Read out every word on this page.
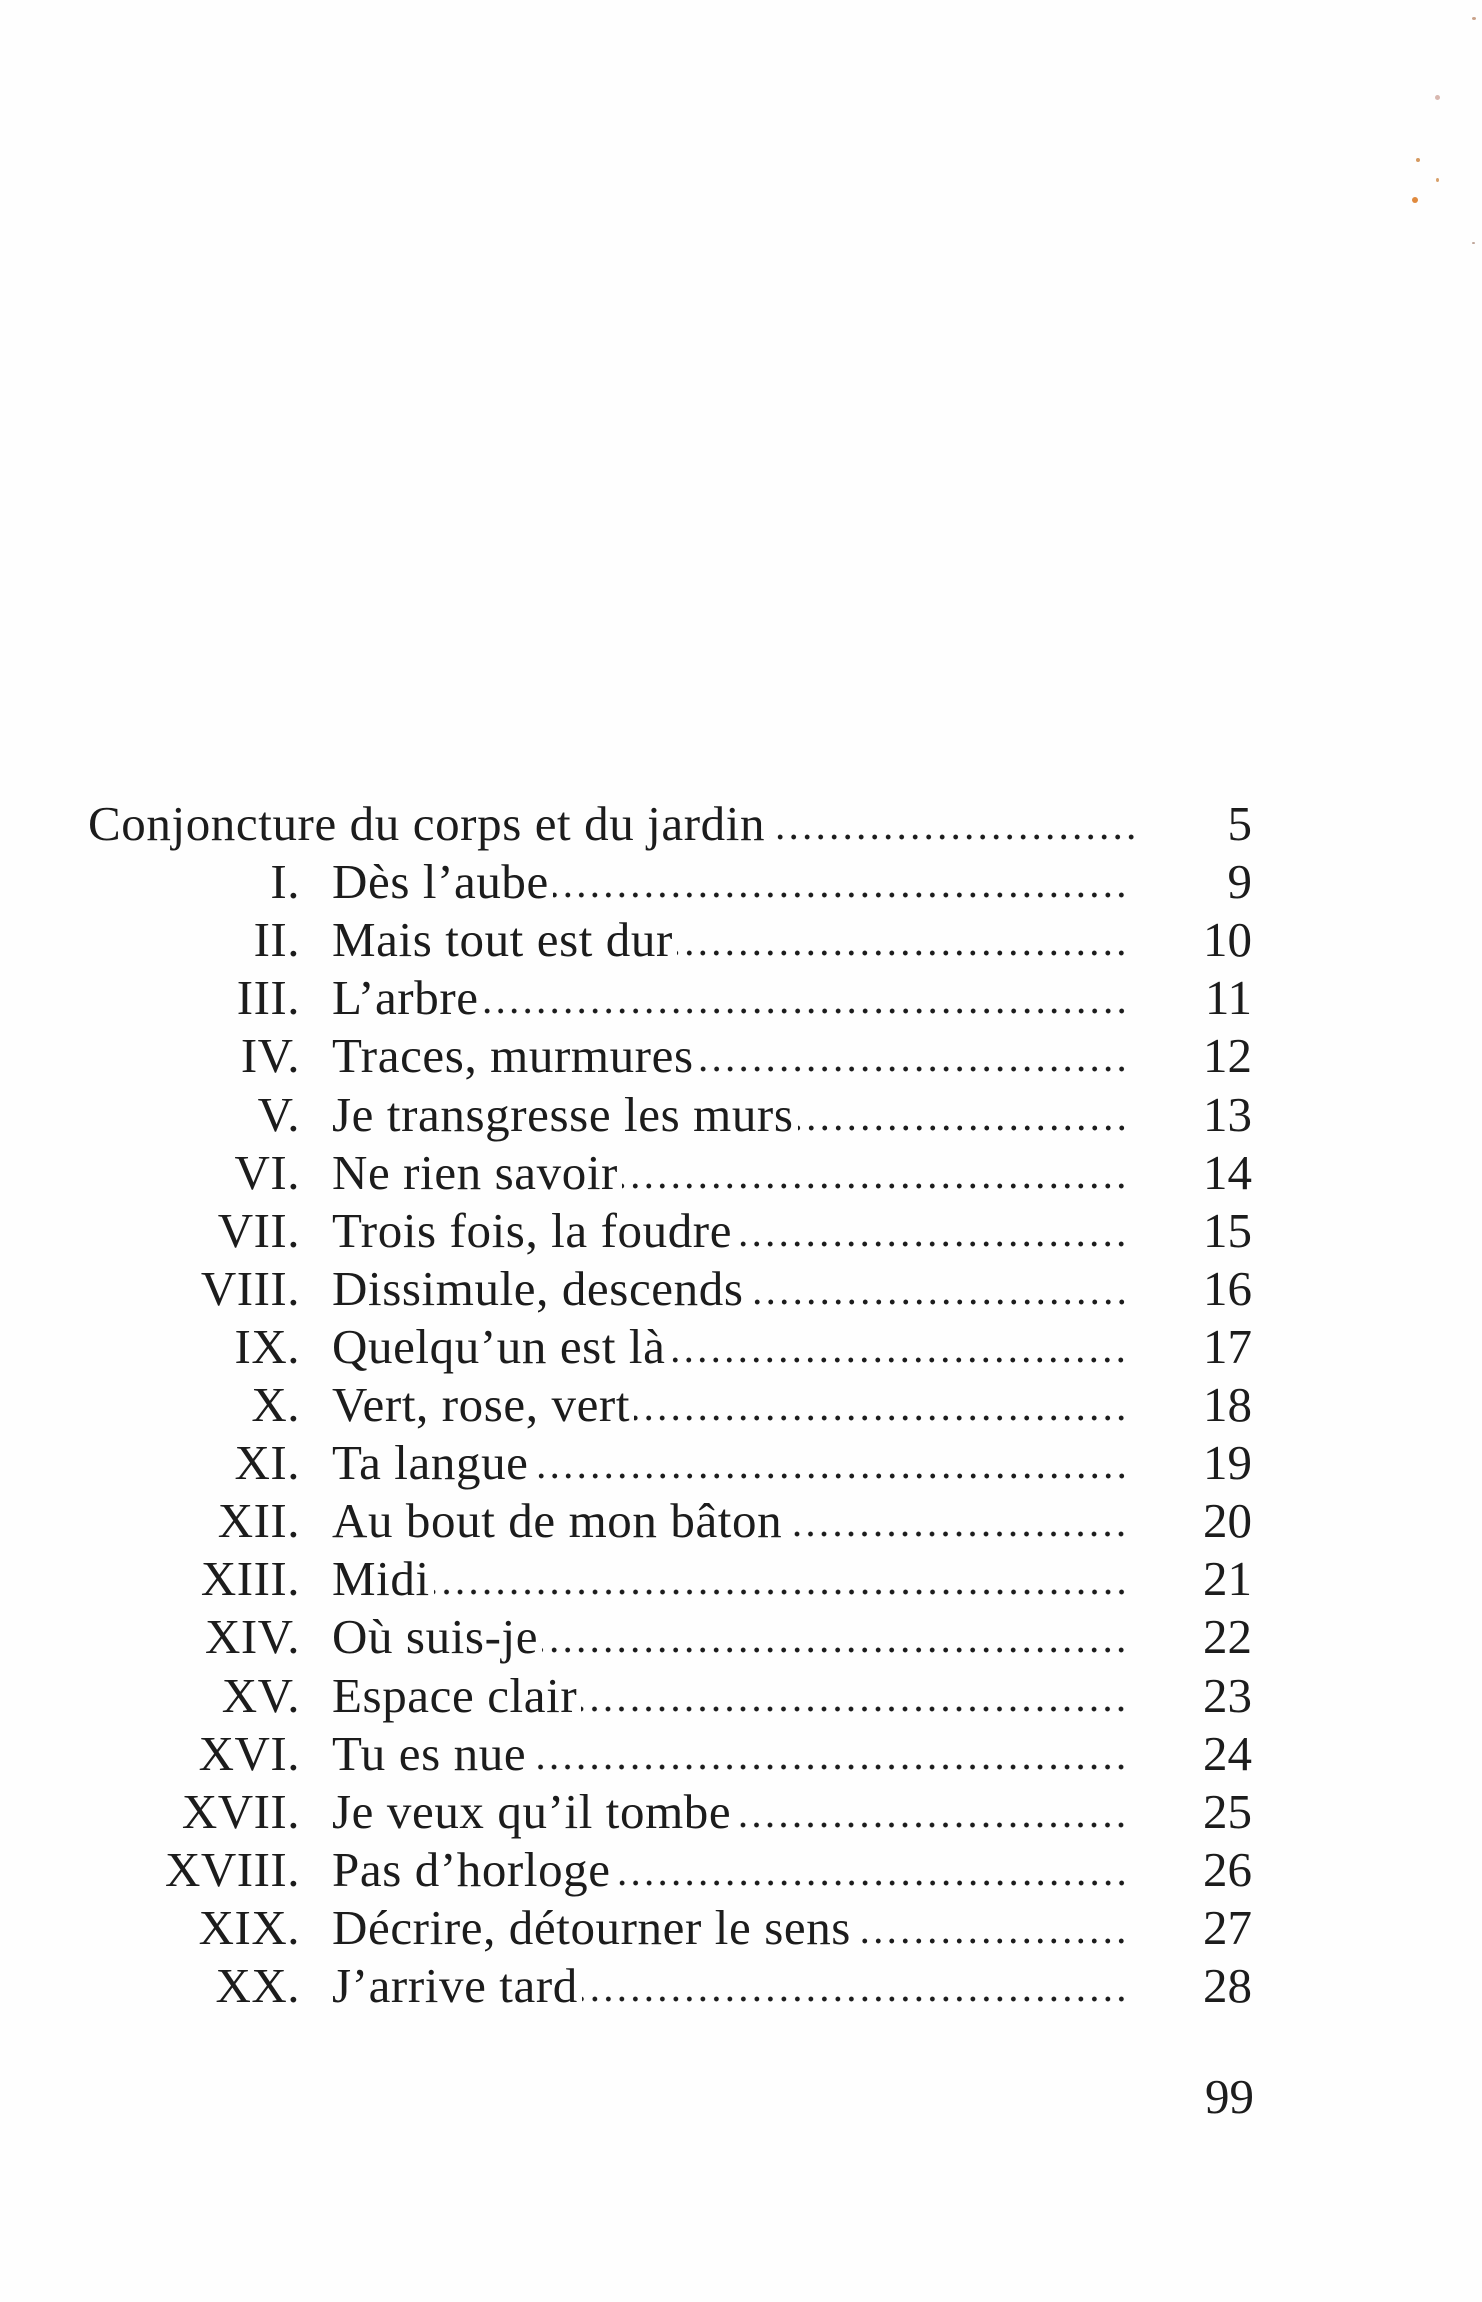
Conjoncture du corps et du jardin	5
I. Dès l’aube	9
II. Mais tout est dur	10
III. L’arbre	11
IV. Traces, murmures	12
V. Je transgresse les murs	13
VI. Ne rien savoir	14
VII. Trois fois, la foudre	15
VIII. Dissimule, descends	16
IX. Quelqu’un est là	17
X. Vert, rose, vert	18
XI. Ta langue	19
XII. Au bout de mon bâton	20
XIII. Midi	21
XIV. Où suis-je	22
XV. Espace clair	23
XVI. Tu es nue	24
XVII. Je veux qu’il tombe	25
XVIII. Pas d’horloge	26
XIX. Décrire, détourner le sens	27
XX. J’arrive tard	28
99
